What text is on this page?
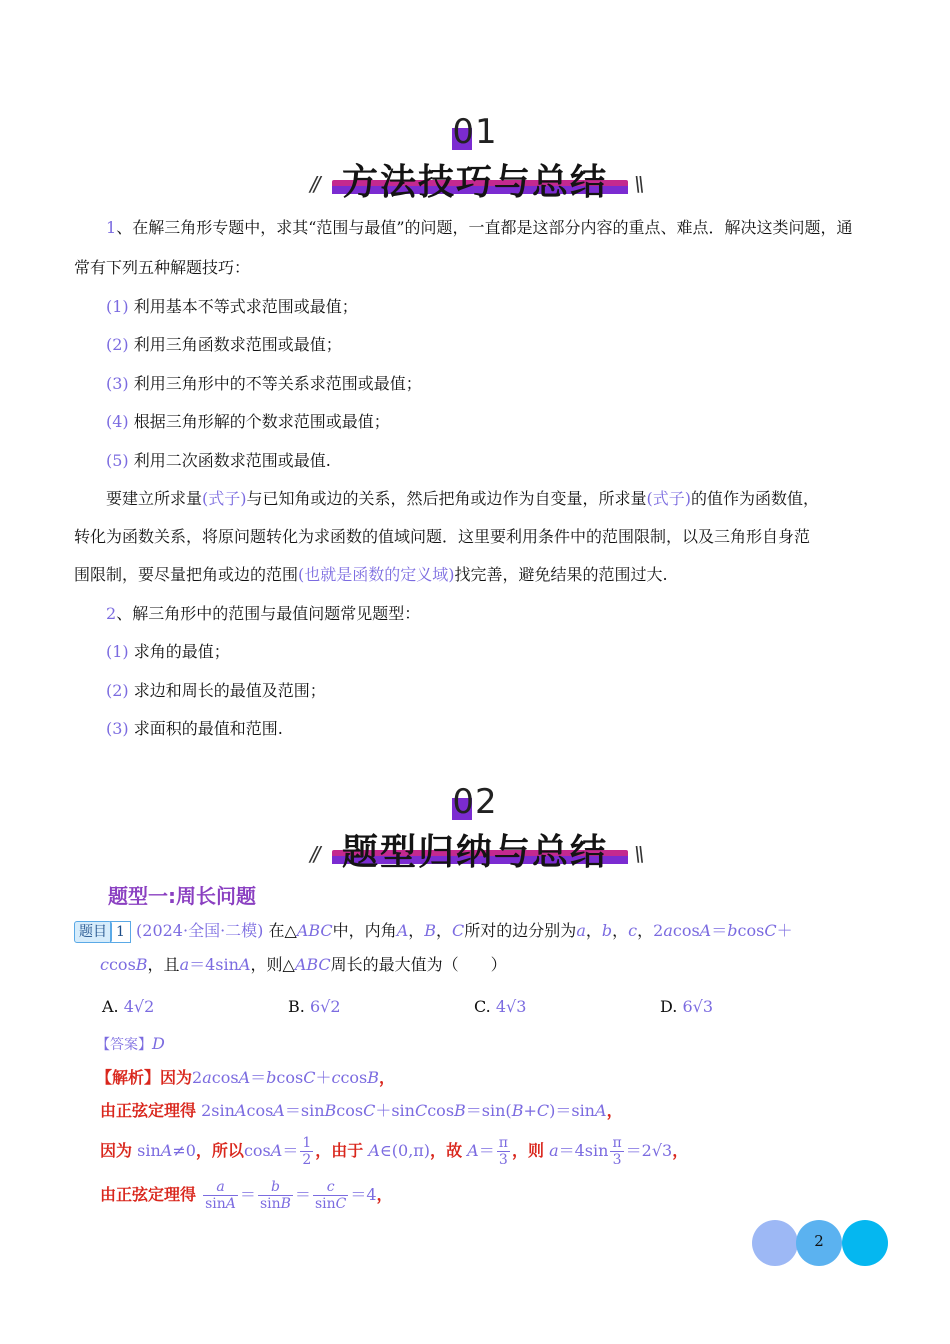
01
方法技巧与总结
//	\\
1、在解三角形专题中，求其“范围与最值”的问题，一直都是这部分内容的重点、难点．解决这类问题，通
常有下列五种解题技巧：
(1) 利用基本不等式求范围或最值；
(2) 利用三角函数求范围或最值；
(3) 利用三角形中的不等关系求范围或最值；
(4) 根据三角形解的个数求范围或最值；
(5) 利用二次函数求范围或最值.
要建立所求量(式子)与已知角或边的关系，然后把角或边作为自变量，所求量(式子)的值作为函数值，
转化为函数关系，将原问题转化为求函数的值域问题．这里要利用条件中的范围限制，以及三角形自身范
围限制，要尽量把角或边的范围(也就是函数的定义域)找完善，避免结果的范围过大.
2、解三角形中的范围与最值问题常见题型：
(1) 求角的最值；
(2) 求边和周长的最值及范围；
(3) 求面积的最值和范围.
02
题型归纳与总结
//	\\
题型一:周长问题
题目 1 (2024·全国·二模) 在△ABC中，内角A，B，C所对的边分别为a，b，c，2acosA＝bcosC＋
ccosB，且a＝4sinA，则△ABC周长的最大值为（　　）
A. 4√2	B. 6√2	C. 4√3	D. 6√3
【答案】D
【解析】因为2acosA＝bcosC＋ccosB，
由正弦定理得 2sinAcosA＝sinBcosC＋sinCcosB＝sin(B+C)＝sinA，
因为 sinA≠0，所以$\cos A= \frac{1}{2}$ ，由于 A∈(0,π)，故 $A= \frac{\pi}{3}$ ，则 $a=4\sin \frac{\pi}{3} =2√3$，
由正弦定理得 $\frac{a}{\sin A} = \frac{b}{\sin B} = \frac{c}{\sin C} =4$，
2
